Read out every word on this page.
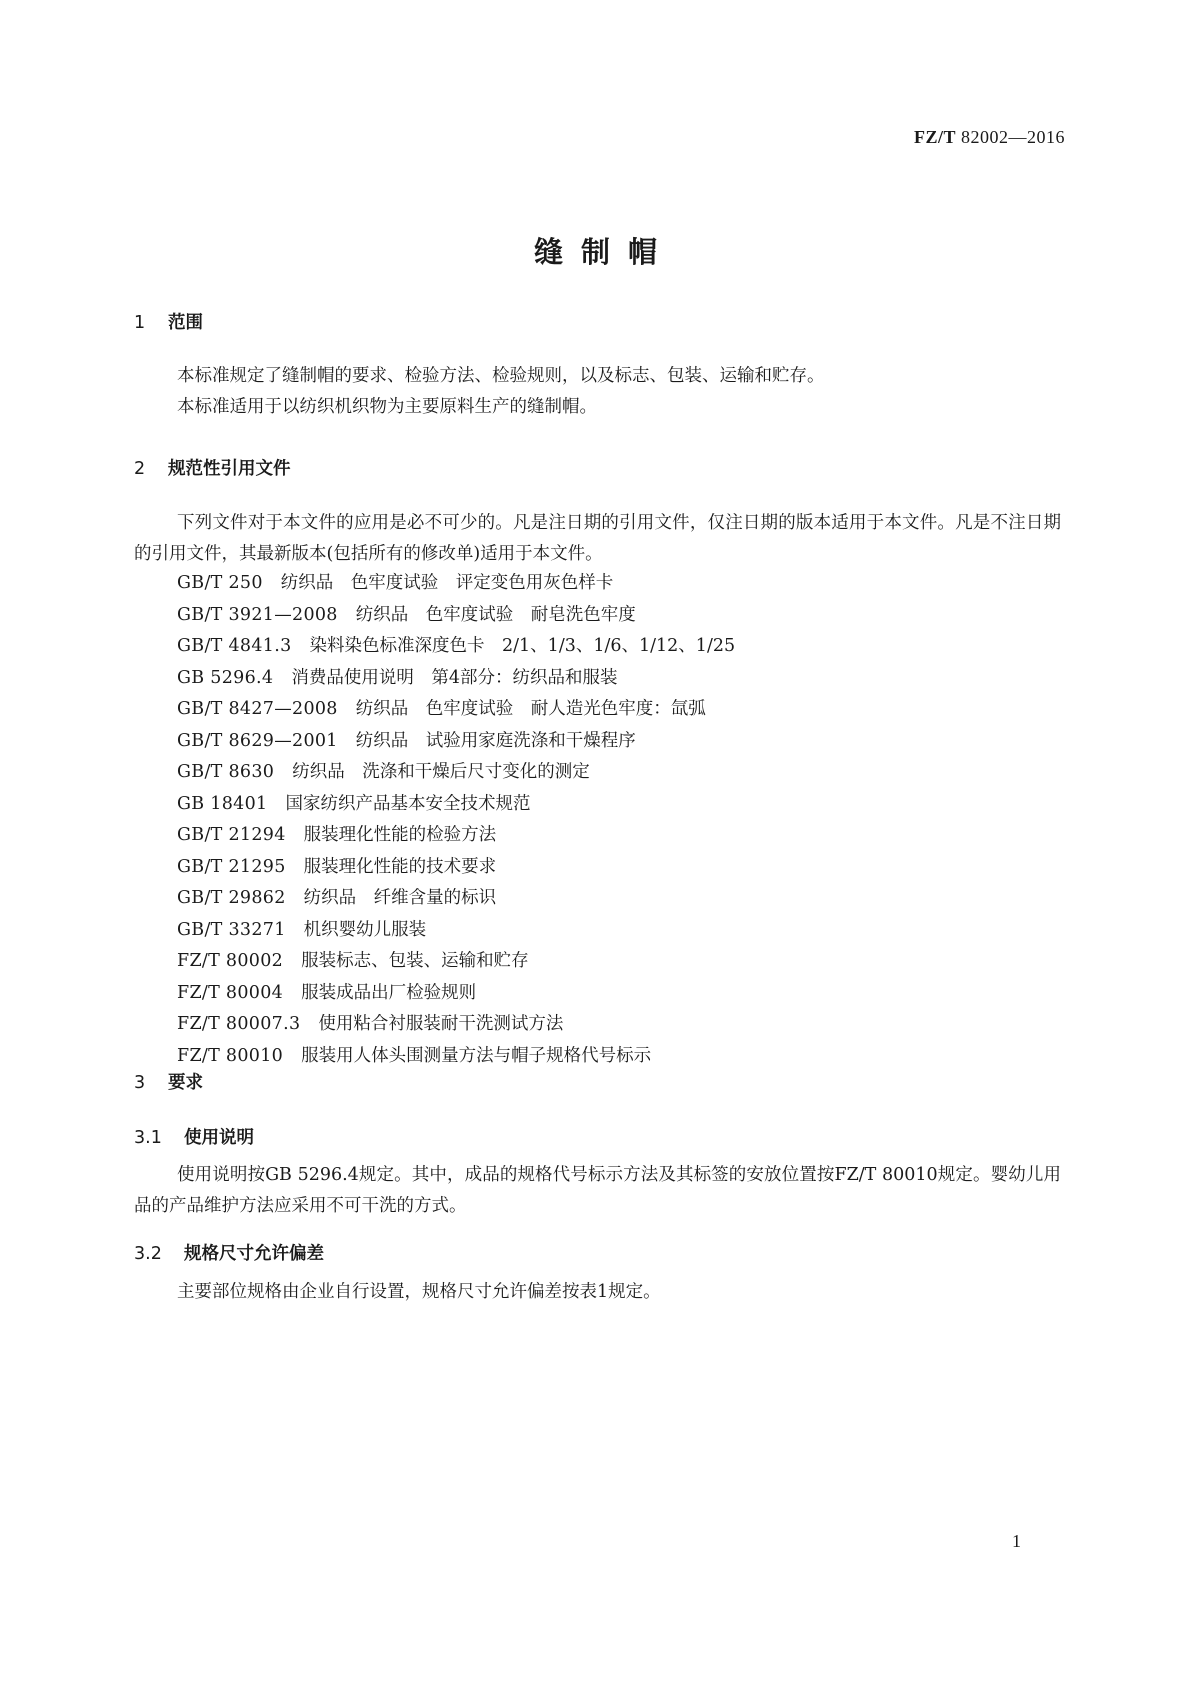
FZ/T 82002—2016
缝制帽
1 范围
本标准规定了缝制帽的要求、检验方法、检验规则，以及标志、包装、运输和贮存。
本标准适用于以纺织机织物为主要原料生产的缝制帽。
2 规范性引用文件
下列文件对于本文件的应用是必不可少的。凡是注日期的引用文件，仅注日期的版本适用于本文件。凡是不注日期的引用文件，其最新版本(包括所有的修改单)适用于本文件。
GB/T 250 纺织品　色牢度试验　评定变色用灰色样卡
GB/T 3921—2008 纺织品　色牢度试验　耐皂洗色牢度
GB/T 4841.3 染料染色标准深度色卡　2/1、1/3、1/6、1/12、1/25
GB 5296.4 消费品使用说明　第4部分：纺织品和服装
GB/T 8427—2008 纺织品　色牢度试验　耐人造光色牢度：氙弧
GB/T 8629—2001 纺织品　试验用家庭洗涤和干燥程序
GB/T 8630 纺织品　洗涤和干燥后尺寸变化的测定
GB 18401 国家纺织产品基本安全技术规范
GB/T 21294 服装理化性能的检验方法
GB/T 21295 服装理化性能的技术要求
GB/T 29862 纺织品　纤维含量的标识
GB/T 33271 机织婴幼儿服装
FZ/T 80002 服装标志、包装、运输和贮存
FZ/T 80004 服装成品出厂检验规则
FZ/T 80007.3 使用粘合衬服装耐干洗测试方法
FZ/T 80010 服装用人体头围测量方法与帽子规格代号标示
3 要求
3.1 使用说明
使用说明按GB 5296.4规定。其中，成品的规格代号标示方法及其标签的安放位置按FZ/T 80010规定。婴幼儿用品的产品维护方法应采用不可干洗的方式。
3.2 规格尺寸允许偏差
主要部位规格由企业自行设置，规格尺寸允许偏差按表1规定。
1
